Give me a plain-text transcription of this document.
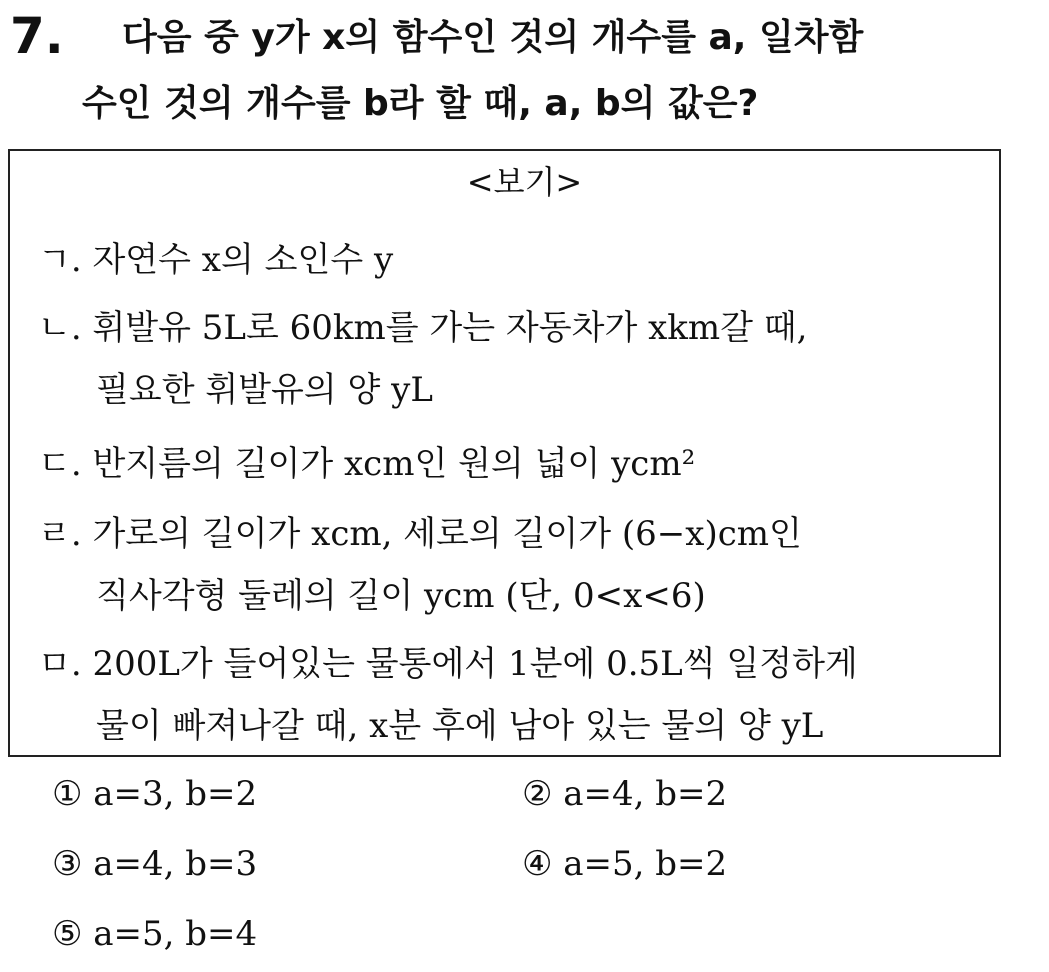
7. 다음 중 y가 x의 함수인 것의 개수를 a, 일차함
수인 것의 개수를 b라 할 때, a, b의 값은?
<보기>
ㄱ. 자연수 x의 소인수 y
ㄴ. 휘발유 5L로 60km를 가는 자동차가 xkm갈 때,
필요한 휘발유의 양 yL
ㄷ. 반지름의 길이가 xcm인 원의 넓이 ycm²
ㄹ. 가로의 길이가 xcm, 세로의 길이가 (6−x)cm인
직사각형 둘레의 길이 ycm (단, 0<x<6)
ㅁ. 200L가 들어있는 물통에서 1분에 0.5L씩 일정하게
물이 빠져나갈 때, x분 후에 남아 있는 물의 양 yL
① a=3, b=2	② a=4, b=2
③ a=4, b=3	④ a=5, b=2
⑤ a=5, b=4
